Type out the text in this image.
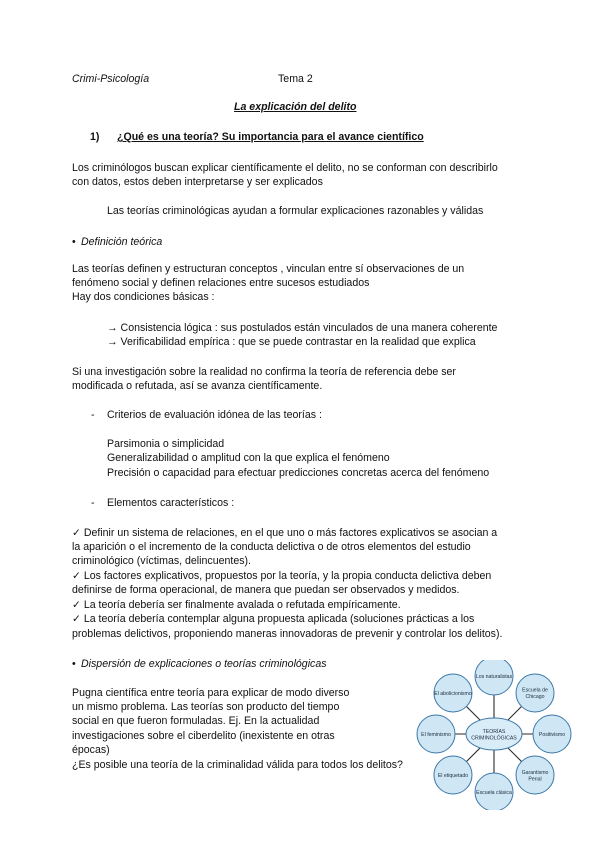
Crimi-Psicología	Tema 2
La explicación del delito
1) ¿Qué es una teoría? Su importancia para el avance científico
Los criminólogos buscan explicar científicamente el delito, no se conforman con describirlo
con datos, estos deben interpretarse y ser explicados
Las teorías criminológicas ayudan a formular explicaciones razonables y válidas
• Definición teórica
Las teorías definen y estructuran conceptos , vinculan entre sí observaciones de un
fenómeno social y definen relaciones entre sucesos estudiados
Hay dos condiciones básicas :
→ Consistencia lógica : sus postulados están vinculados de una manera coherente
→ Verificabilidad empírica : que se puede contrastar en la realidad que explica
Si una investigación sobre la realidad no confirma la teoría de referencia debe ser
modificada o refutada, así se avanza científicamente.
- Criterios de evaluación idónea de las teorías :
Parsimonia o simplicidad
Generalizabilidad o amplitud con la que explica el fenómeno
Precisión o capacidad para efectuar predicciones concretas acerca del fenómeno
- Elementos característicos :
✓ Definir un sistema de relaciones, en el que uno o más factores explicativos se asocian a
la aparición o el incremento de la conducta delictiva o de otros elementos del estudio
criminológico (víctimas, delincuentes).
✓ Los factores explicativos, propuestos por la teoría, y la propia conducta delictiva deben
definirse de forma operacional, de manera que puedan ser observados y medidos.
✓ La teoría debería ser finalmente avalada o refutada empíricamente.
✓ La teoría debería contemplar alguna propuesta aplicada (soluciones prácticas a los
problemas delictivos, proponiendo maneras innovadoras de prevenir y controlar los delitos).
• Dispersión de explicaciones o teorías criminológicas
Pugna científica entre teoría para explicar de modo diverso
un mismo problema. Las teorías son producto del tiempo
social en que fueron formuladas. Ej. En la actualidad
investigaciones sobre el ciberdelito (inexistente en otras
épocas)
¿Es posible una teoría de la criminalidad válida para todos los delitos?
TEORÍAS
CRIMINOLÓGICAS
Los naturalistas
Escuela de
Chicago
Positivismo
Garantismo
Penal
Escuela clásica
El etiquetado
El feminismo
El abolicionismo
